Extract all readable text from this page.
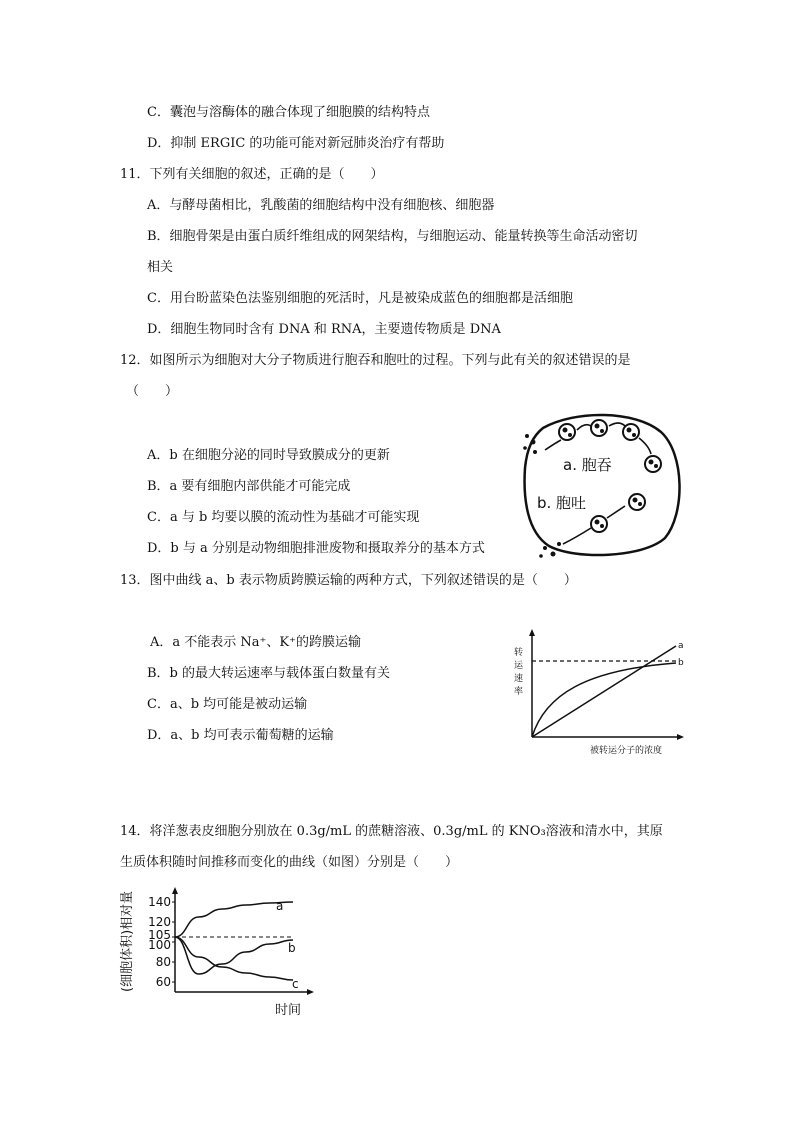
C．囊泡与溶酶体的融合体现了细胞膜的结构特点
D．抑制 ERGIC 的功能可能对新冠肺炎治疗有帮助
11．下列有关细胞的叙述，正确的是（　　）
A．与酵母菌相比，乳酸菌的细胞结构中没有细胞核、细胞器
B．细胞骨架是由蛋白质纤维组成的网架结构，与细胞运动、能量转换等生命活动密切
相关
C．用台盼蓝染色法鉴别细胞的死活时，凡是被染成蓝色的细胞都是活细胞
D．细胞生物同时含有 DNA 和 RNA，主要遗传物质是 DNA
12．如图所示为细胞对大分子物质进行胞吞和胞吐的过程。下列与此有关的叙述错误的是
（　　）
A．b 在细胞分泌的同时导致膜成分的更新
B．a 要有细胞内部供能才可能完成
C．a 与 b 均要以膜的流动性为基础才可能实现
D．b 与 a 分别是动物细胞排泄废物和摄取养分的基本方式
a. 胞吞
b. 胞吐
13．图中曲线 a、b 表示物质跨膜运输的两种方式，下列叙述错误的是（　　）
A．a 不能表示 Na⁺、K⁺的跨膜运输
B．b 的最大转运速率与载体蛋白数量有关
C．a、b 均可能是被动运输
D．a、b 均可表示葡萄糖的运输
转
运
速
率
a
b
被转运分子的浓度
14．将洋葱表皮细胞分别放在 0.3g/mL 的蔗糖溶液、0.3g/mL 的 KNO₃溶液和清水中，其原
生质体积随时间推移而变化的曲线（如图）分别是（　　）
(细胞体积)相对量 60
80
100
105
120
140	a
b
c
时间
